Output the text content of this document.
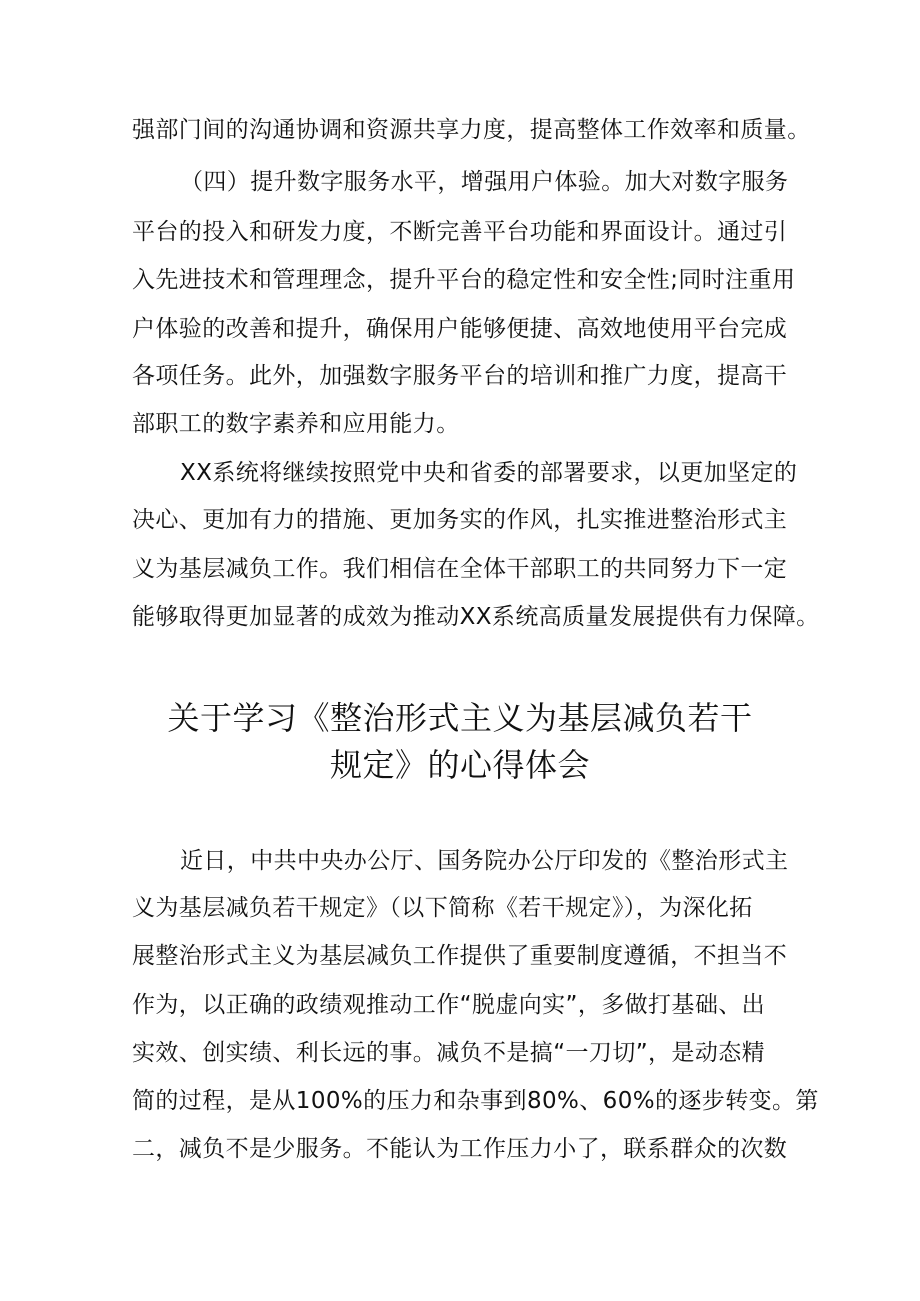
强部门间的沟通协调和资源共享力度，提高整体工作效率和质量。
（四）提升数字服务水平，增强用户体验。加大对数字服务
平台的投入和研发力度，不断完善平台功能和界面设计。通过引
入先进技术和管理理念，提升平台的稳定性和安全性;同时注重用
户体验的改善和提升，确保用户能够便捷、高效地使用平台完成
各项任务。此外，加强数字服务平台的培训和推广力度，提高干
部职工的数字素养和应用能力。
XX系统将继续按照党中央和省委的部署要求，以更加坚定的
决心、更加有力的措施、更加务实的作风，扎实推进整治形式主
义为基层减负工作。我们相信在全体干部职工的共同努力下一定
能够取得更加显著的成效为推动XX系统高质量发展提供有力保障。
关于学习《整治形式主义为基层减负若干
规定》的心得体会
近日，中共中央办公厅、国务院办公厅印发的《整治形式主
义为基层减负若干规定》（以下简称《若干规定》），为深化拓
展整治形式主义为基层减负工作提供了重要制度遵循，不担当不
作为，以正确的政绩观推动工作“脱虚向实”，多做打基础、出
实效、创实绩、利长远的事。减负不是搞“一刀切”，是动态精
简的过程，是从100%的压力和杂事到80%、60%的逐步转变。第
二，减负不是少服务。不能认为工作压力小了，联系群众的次数
